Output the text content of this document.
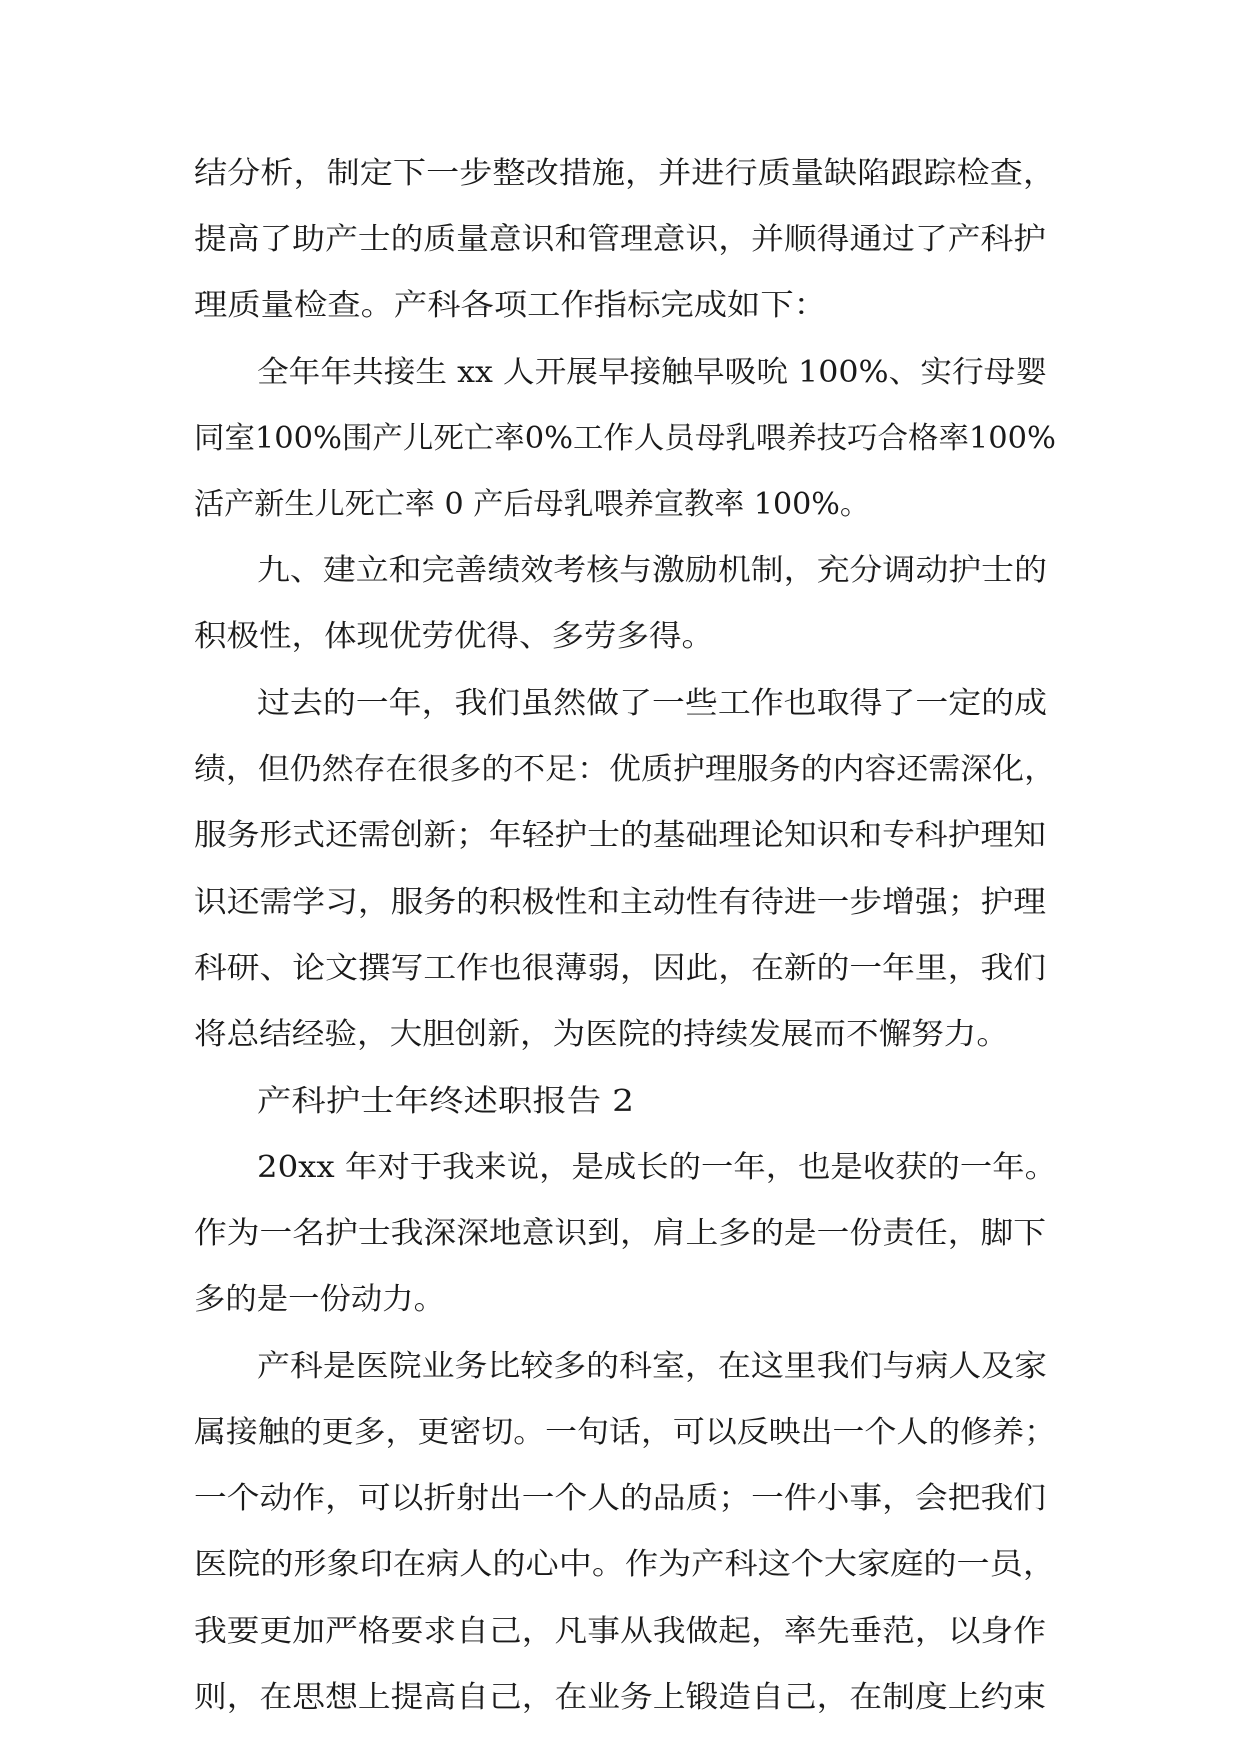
结分析，制定下一步整改措施，并进行质量缺陷跟踪检查，
提高了助产士的质量意识和管理意识，并顺得通过了产科护
理质量检查。产科各项工作指标完成如下：
全年年共接生 xx 人开展早接触早吸吮 100%、实行母婴
同室100%围产儿死亡率0%工作人员母乳喂养技巧合格率100%
活产新生儿死亡率 0 产后母乳喂养宣教率 100%。
九、建立和完善绩效考核与激励机制，充分调动护士的
积极性，体现优劳优得、多劳多得。
过去的一年，我们虽然做了一些工作也取得了一定的成
绩，但仍然存在很多的不足：优质护理服务的内容还需深化，
服务形式还需创新；年轻护士的基础理论知识和专科护理知
识还需学习，服务的积极性和主动性有待进一步增强；护理
科研、论文撰写工作也很薄弱，因此，在新的一年里，我们
将总结经验，大胆创新，为医院的持续发展而不懈努力。
产科护士年终述职报告 2
20xx 年对于我来说，是成长的一年，也是收获的一年。
作为一名护士我深深地意识到，肩上多的是一份责任，脚下
多的是一份动力。
产科是医院业务比较多的科室，在这里我们与病人及家
属接触的更多，更密切。一句话，可以反映出一个人的修养；
一个动作，可以折射出一个人的品质；一件小事，会把我们
医院的形象印在病人的心中。作为产科这个大家庭的一员，
我要更加严格要求自己，凡事从我做起，率先垂范，以身作
则，在思想上提高自己，在业务上锻造自己，在制度上约束
